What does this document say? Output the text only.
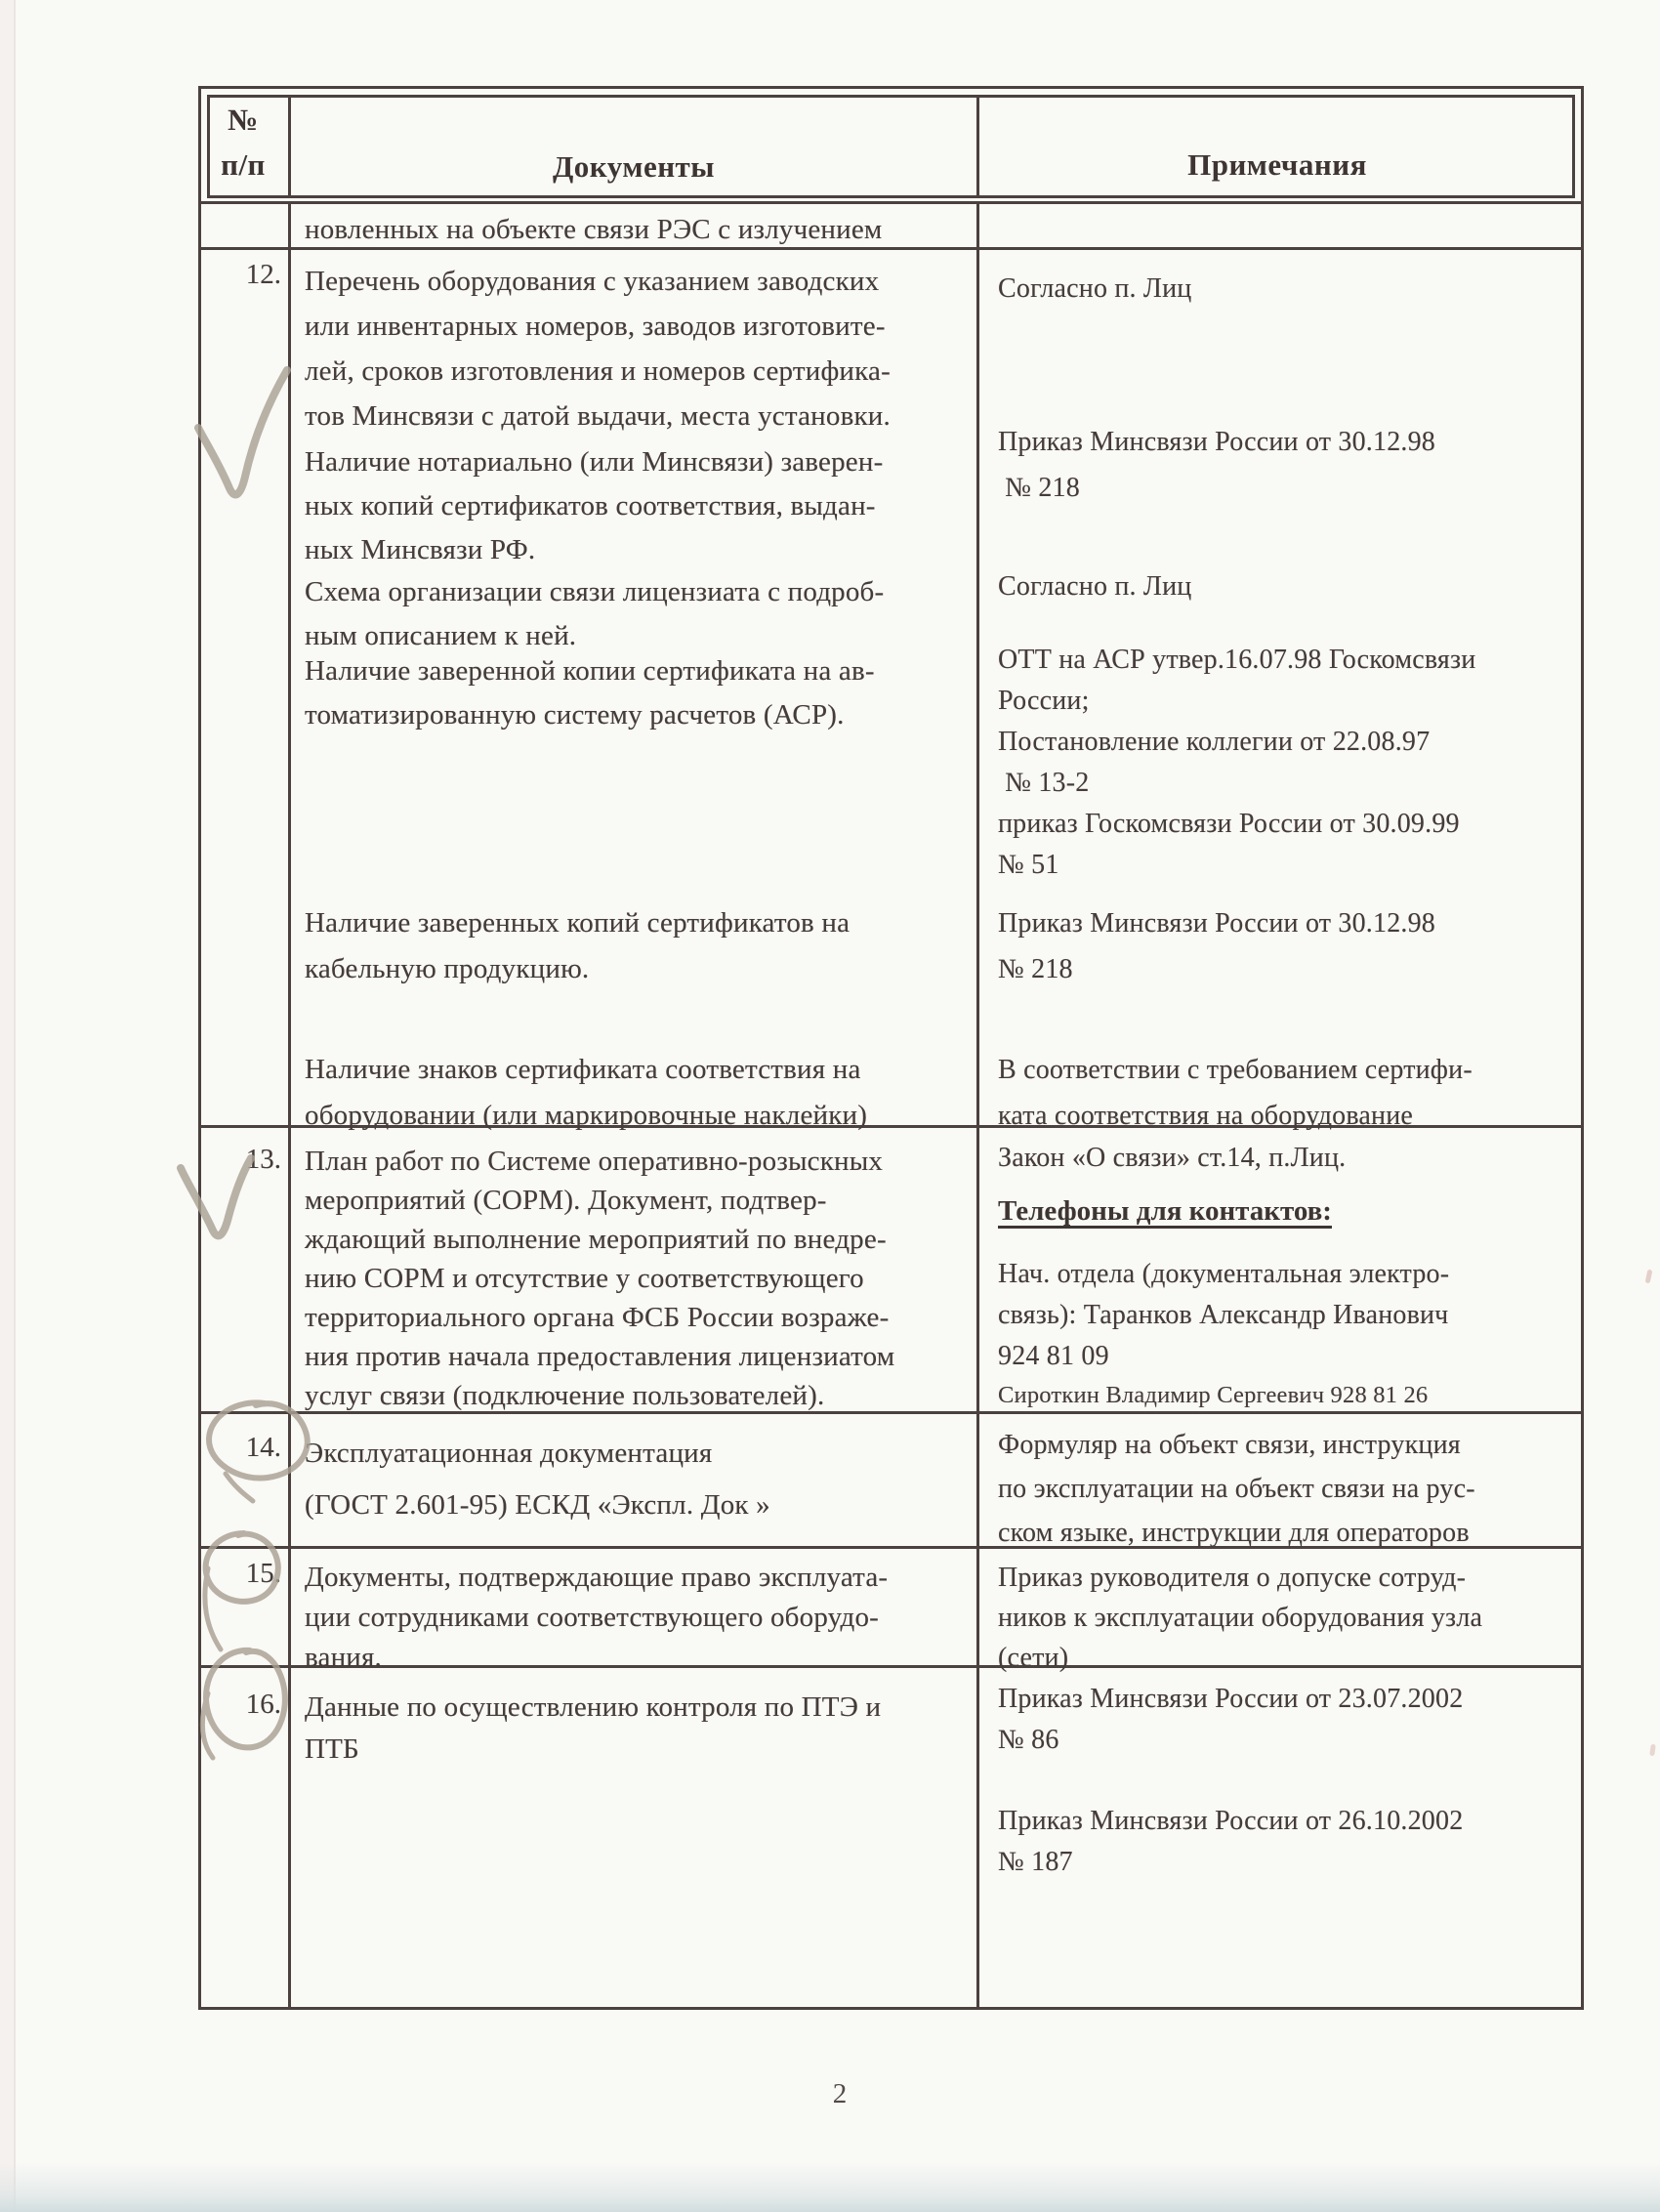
№
п/п	Документы	Примечания
новленных на объекте связи РЭС с излучением
12. Перечень оборудования с указанием заводских
или инвентарных номеров, заводов изготовите-
лей, сроков изготовления и номеров сертифика-
тов Минсвязи с датой выдачи, места установки.
Наличие нотариально (или Минсвязи) заверен-
ных копий сертификатов соответствия, выдан-
ных Минсвязи РФ.
Схема организации связи лицензиата с подроб-
ным описанием к ней.
Наличие заверенной копии сертификата на ав-
томатизированную систему расчетов (АСР).
Наличие заверенных копий сертификатов на
кабельную продукцию.
Наличие знаков сертификата соответствия на
оборудовании (или маркировочные наклейки)
Согласно п. Лиц
Приказ Минсвязи России от 30.12.98
№ 218
Согласно п. Лиц
ОТТ на АСР утвер.16.07.98 Госкомсвязи
России;
Постановление коллегии от 22.08.97
№ 13-2
приказ Госкомсвязи России от 30.09.99
№ 51
Приказ Минсвязи России от 30.12.98
№ 218
В соответствии с требованием сертифи-
ката соответствия на оборудование
13. План работ по Системе оперативно-розыскных
мероприятий (СОРМ). Документ, подтвер-
ждающий выполнение мероприятий по внедре-
нию СОРМ и отсутствие у соответствующего
территориального органа ФСБ России возраже-
ния против начала предоставления лицензиатом
услуг связи (подключение пользователей).
Закон «О связи» ст.14, п.Лиц.
Телефоны для контактов:
Нач. отдела (документальная электро-
связь): Таранков Александр Иванович
924 81 09
Сироткин Владимир Сергеевич 928 81 26
14. Эксплуатационная документация
(ГОСТ 2.601-95) ЕСКД «Экспл. Док »
Формуляр на объект связи, инструкция
по эксплуатации на объект связи на рус-
ском языке, инструкции для операторов
15. Документы, подтверждающие право эксплуата-
ции сотрудниками соответствующего оборудо-
вания.
Приказ руководителя о допуске сотруд-
ников к эксплуатации оборудования узла
(сети)
16. Данные по осуществлению контроля по ПТЭ и
ПТБ
Приказ Минсвязи России от 23.07.2002
№ 86
Приказ Минсвязи России от 26.10.2002
№ 187
2
